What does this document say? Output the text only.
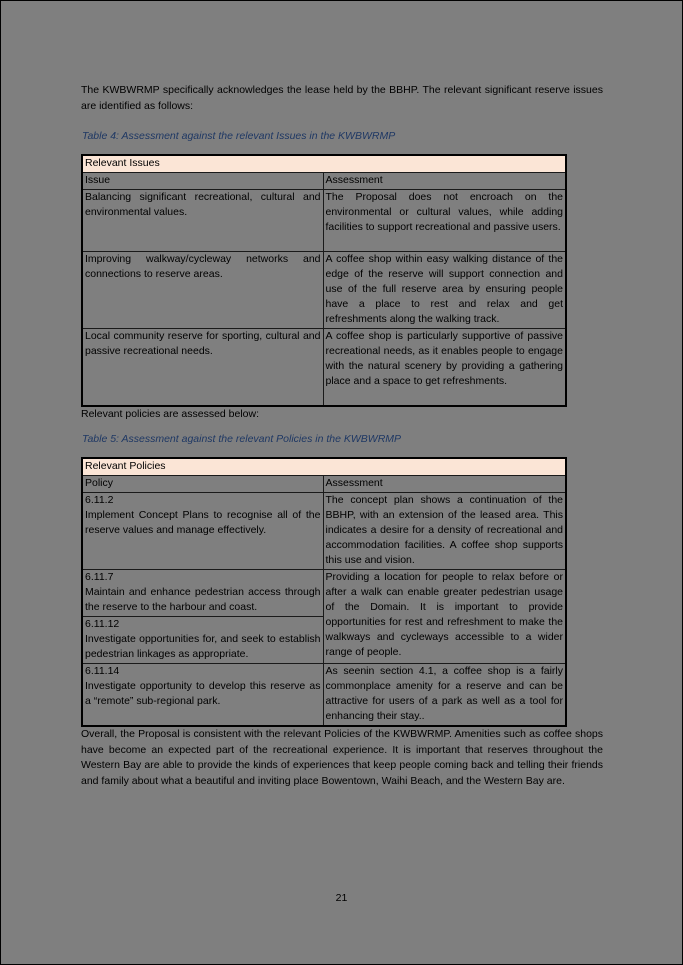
The KWBWRMP specifically acknowledges the lease held by the BBHP. The relevant significant reserve issues are identified as follows:

Table 4: Assessment against the relevant Issues in the KWBWRMP
Relevant Issues	
Issue	Assessment
Balancing significant recreational, cultural and environmental values.	The Proposal does not encroach on the environmental or cultural values, while adding facilities to support recreational and passive users.
Improving walkway/cycleway networks and connections to reserve areas.	A coffee shop within easy walking distance of the edge of the reserve will support connection and use of the full reserve area by ensuring people have a place to rest and relax and get refreshments along the walking track.
Local community reserve for sporting, cultural and passive recreational needs.	A coffee shop is particularly supportive of passive recreational needs, as it enables people to engage with the natural scenery by providing a gathering place and a space to get refreshments.

Relevant policies are assessed below:

Table 5: Assessment against the relevant Policies in the KWBWRMP
Relevant Policies	
Policy	Assessment

6.11.2
Implement Concept Plans to recognise all of the reserve values and manage effectively.	The concept plan shows a continuation of the BBHP, with an extension of the leased area. This indicates a desire for a density of recreational and accommodation facilities. A coffee shop supports this use and vision.

6.11.7
Maintain and enhance pedestrian access through the reserve to the harbour and coast.	Providing a location for people to relax before or after a walk can enable greater pedestrian usage of the Domain. It is important to provide opportunities for rest and refreshment to make the walkways and cycleways accessible to a wider range of people.

6.11.12
Investigate opportunities for, and seek to establish pedestrian linkages as appropriate.	

6.11.14
Investigate opportunity to develop this reserve as a “remote” sub-regional park.	As seenin section 4.1, a coffee shop is a fairly commonplace amenity for a reserve and can be attractive for users of a park as well as a tool for enhancing their stay..

Overall, the Proposal is consistent with the relevant Policies of the KWBWRMP. Amenities such as coffee shops have become an expected part of the recreational experience. It is important that reserves throughout the Western Bay are able to provide the kinds of experiences that keep people coming back and telling their friends and family about what a beautiful and inviting place Bowentown, Waihi Beach, and the Western Bay are.

21
